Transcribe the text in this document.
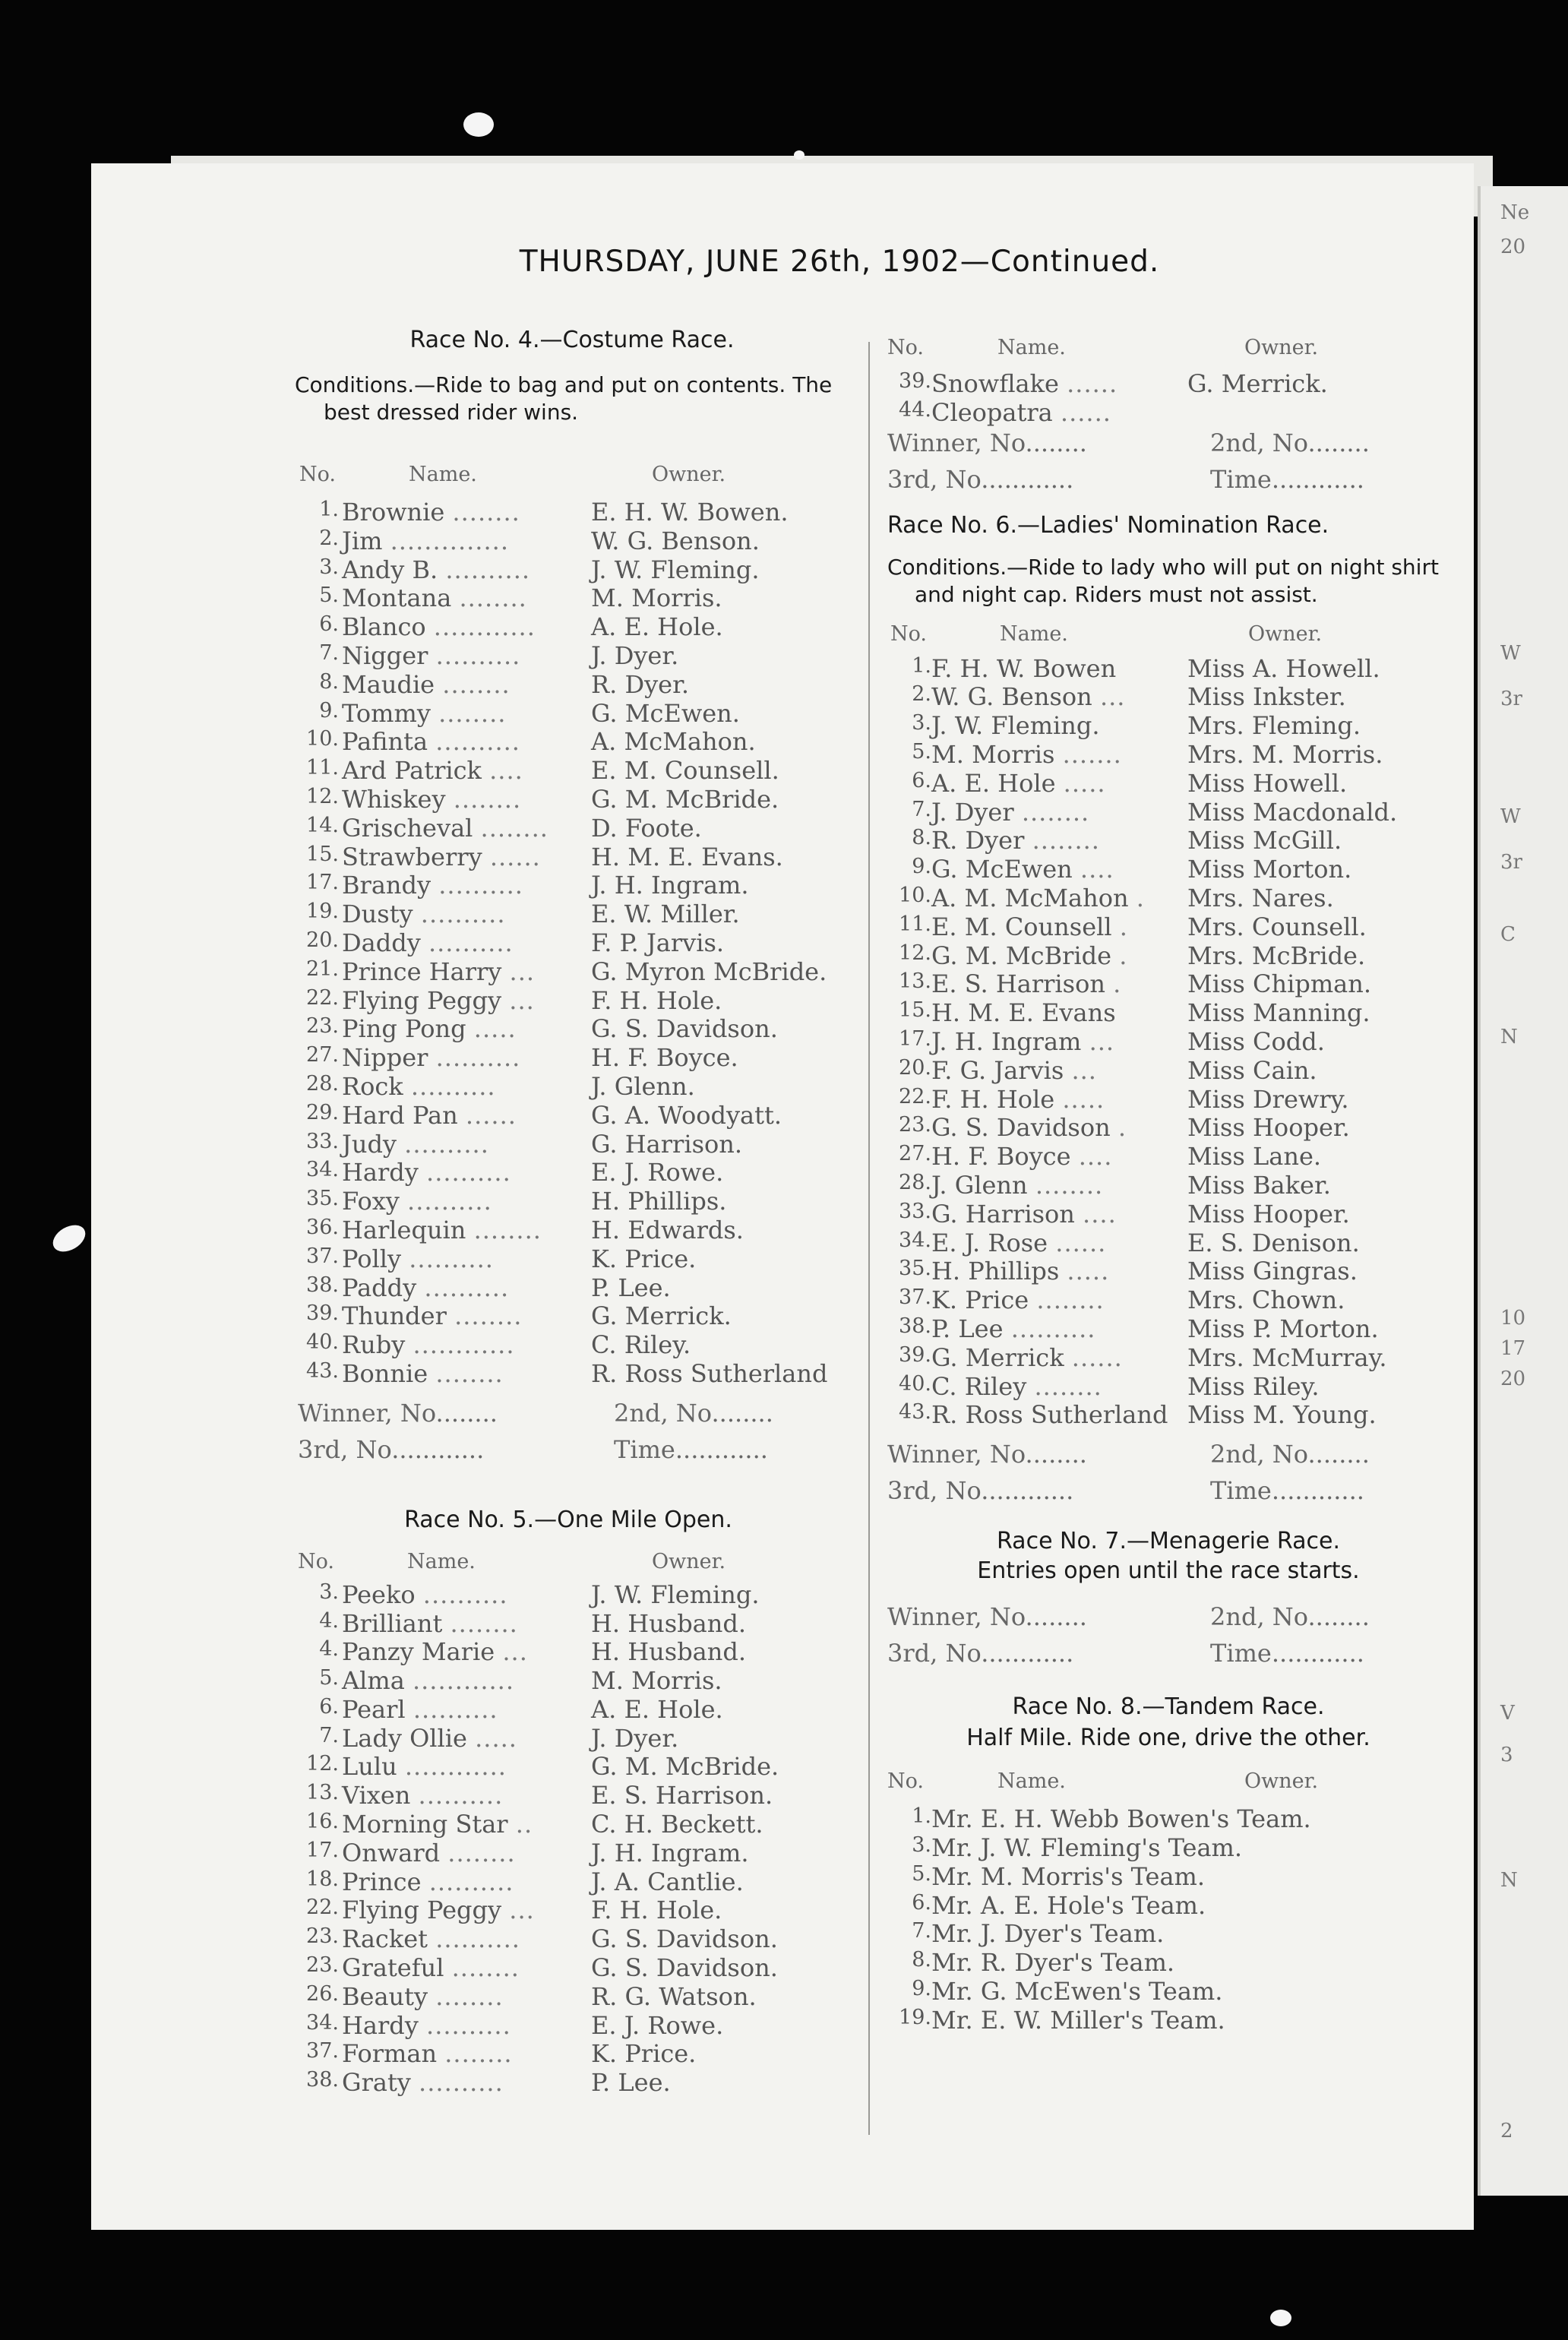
Ne
20
W
3r
W
3r
C
N
10
17
20
V
3
N
2
THURSDAY, JUNE 26th, 1902—Continued.
Race No. 4.—Costume Race.
Conditions.—Ride to bag and put on contents. The best dressed rider wins.
No.	Name.	Owner.
1. Brownie ........	E. H. W. Bowen.
2. Jim ..............	W. G. Benson.
3. Andy B. .......... J. W. Fleming.
5. Montana ........	M. Morris.
6. Blanco ............ A. E. Hole.
7. Nigger ..........	J. Dyer.
8. Maudie ........	R. Dyer.
9. Tommy ........	G. McEwen.
10. Pafinta ..........	A. McMahon.
11. Ard Patrick ....	E. M. Counsell.
12. Whiskey ........	G. M. McBride.
14. Grischeval ........ D. Foote.
15. Strawberry ...... H. M. E. Evans.
17. Brandy ..........	J. H. Ingram.
19. Dusty ..........	E. W. Miller.
20. Daddy ..........	F. P. Jarvis.
21. Prince Harry ... G. Myron McBride.
22. Flying Peggy ... F. H. Hole.
23. Ping Pong .....	G. S. Davidson.
27. Nipper ..........	H. F. Boyce.
28. Rock ..........	J. Glenn.
29. Hard Pan ......	G. A. Woodyatt.
33. Judy ..........	G. Harrison.
34. Hardy ..........	E. J. Rowe.
35. Foxy ..........	H. Phillips.
36. Harlequin ........ H. Edwards.
37. Polly ..........	K. Price.
38. Paddy ..........	P. Lee.
39. Thunder ........	G. Merrick.
40. Ruby ............	C. Riley.
43. Bonnie ........	R. Ross Sutherland
Winner, No........	2nd, No........
3rd, No............	Time............
Race No. 5.—One Mile Open.
No.	Name.	Owner.
3. Peeko ..........	J. W. Fleming.
4. Brilliant ........	H. Husband.
4. Panzy Marie ...	H. Husband.
5. Alma ............	M. Morris.
6. Pearl ..........	A. E. Hole.
7. Lady Ollie .....	J. Dyer.
12. Lulu ............	G. M. McBride.
13. Vixen ..........	E. S. Harrison.
16. Morning Star .. C. H. Beckett.
17. Onward ........	J. H. Ingram.
18. Prince ..........	J. A. Cantlie.
22. Flying Peggy ... F. H. Hole.
23. Racket ..........	G. S. Davidson.
23. Grateful ........	G. S. Davidson.
26. Beauty ........	R. G. Watson.
34. Hardy ..........	E. J. Rowe.
37. Forman ........	K. Price.
38. Graty ..........	P. Lee.
No.	Name.	Owner.
39. Snowflake ......	G. Merrick.
44. Cleopatra ......
Winner, No........	2nd, No........
3rd, No............	Time............
Race No. 6.—Ladies' Nomination Race.
Conditions.—Ride to lady who will put on night shirt and night cap. Riders must not assist.
No.	Name.	Owner.
1. F. H. W. Bowen	Miss A. Howell.
2. W. G. Benson ...	Miss Inkster.
3. J. W. Fleming.	Mrs. Fleming.
5. M. Morris .......	Mrs. M. Morris.
6. A. E. Hole .....	Miss Howell.
7. J. Dyer ........	Miss Macdonald.
8. R. Dyer ........	Miss McGill.
9. G. McEwen ....	Miss Morton.
10. A. M. McMahon . Mrs. Nares.
11. E. M. Counsell . Mrs. Counsell.
12. G. M. McBride . Mrs. McBride.
13. E. S. Harrison .	Miss Chipman.
15. H. M. E. Evans	Miss Manning.
17. J. H. Ingram ...	Miss Codd.
20. F. G. Jarvis ...	Miss Cain.
22. F. H. Hole .....	Miss Drewry.
23. G. S. Davidson . Miss Hooper.
27. H. F. Boyce ....	Miss Lane.
28. J. Glenn ........	Miss Baker.
33. G. Harrison ....	Miss Hooper.
34. E. J. Rose ......	E. S. Denison.
35. H. Phillips .....	Miss Gingras.
37. K. Price ........	Mrs. Chown.
38. P. Lee ..........	Miss P. Morton.
39. G. Merrick ......	Mrs. McMurray.
40. C. Riley ........	Miss Riley.
43. R. Ross Sutherland Miss M. Young.
Winner, No........	2nd, No........
3rd, No............	Time............
Race No. 7.—Menagerie Race.
Entries open until the race starts.
Winner, No........	2nd, No........
3rd, No............	Time............
Race No. 8.—Tandem Race.
Half Mile. Ride one, drive the other.
No.	Name.	Owner.
1. Mr. E. H. Webb Bowen's Team.
3. Mr. J. W. Fleming's Team.
5. Mr. M. Morris's Team.
6. Mr. A. E. Hole's Team.
7. Mr. J. Dyer's Team.
8. Mr. R. Dyer's Team.
9. Mr. G. McEwen's Team.
19. Mr. E. W. Miller's Team.
